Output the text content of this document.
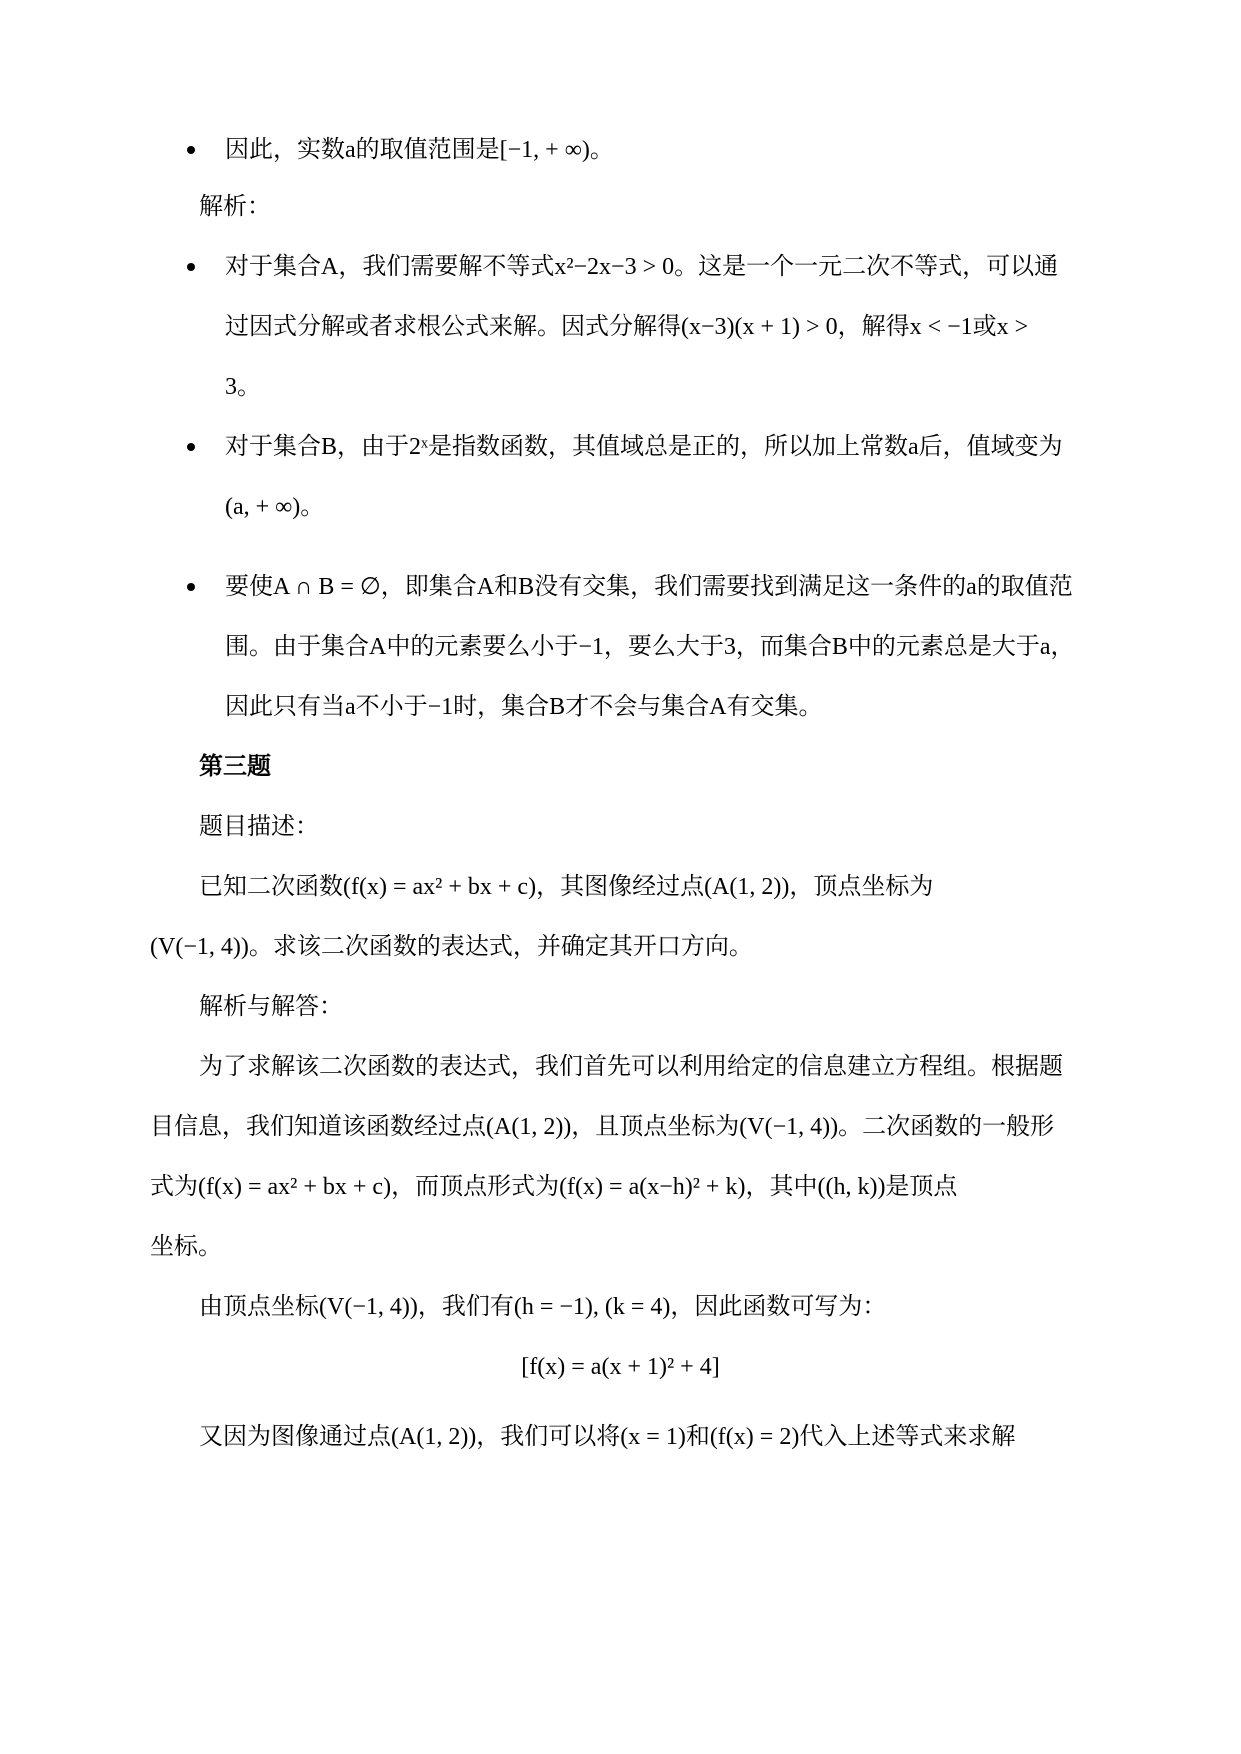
因此，实数a的取值范围是[−1, + ∞)。
解析：
对于集合A，我们需要解不等式x²−2x−3 > 0。这是一个一元二次不等式，可以通
过因式分解或者求根公式来解。因式分解得(x−3)(x + 1) > 0，解得x < −1或x >
3。
对于集合B，由于2ˣ是指数函数，其值域总是正的，所以加上常数a后，值域变为
(a, + ∞)。
要使A ∩ B = ∅，即集合A和B没有交集，我们需要找到满足这一条件的a的取值范
围。由于集合A中的元素要么小于−1，要么大于3，而集合B中的元素总是大于a，
因此只有当a不小于−1时，集合B才不会与集合A有交集。
第三题
题目描述：
已知二次函数(f(x) = ax² + bx + c)，其图像经过点(A(1, 2))，顶点坐标为
(V(−1, 4))。求该二次函数的表达式，并确定其开口方向。
解析与解答：
为了求解该二次函数的表达式，我们首先可以利用给定的信息建立方程组。根据题
目信息，我们知道该函数经过点(A(1, 2))，且顶点坐标为(V(−1, 4))。二次函数的一般形
式为(f(x) = ax² + bx + c)，而顶点形式为(f(x) = a(x−h)² + k)，其中((h, k))是顶点
坐标。
由顶点坐标(V(−1, 4))，我们有(h = −1), (k = 4)，因此函数可写为：
[f(x) = a(x + 1)² + 4]
又因为图像通过点(A(1, 2))，我们可以将(x = 1)和(f(x) = 2)代入上述等式来求解
